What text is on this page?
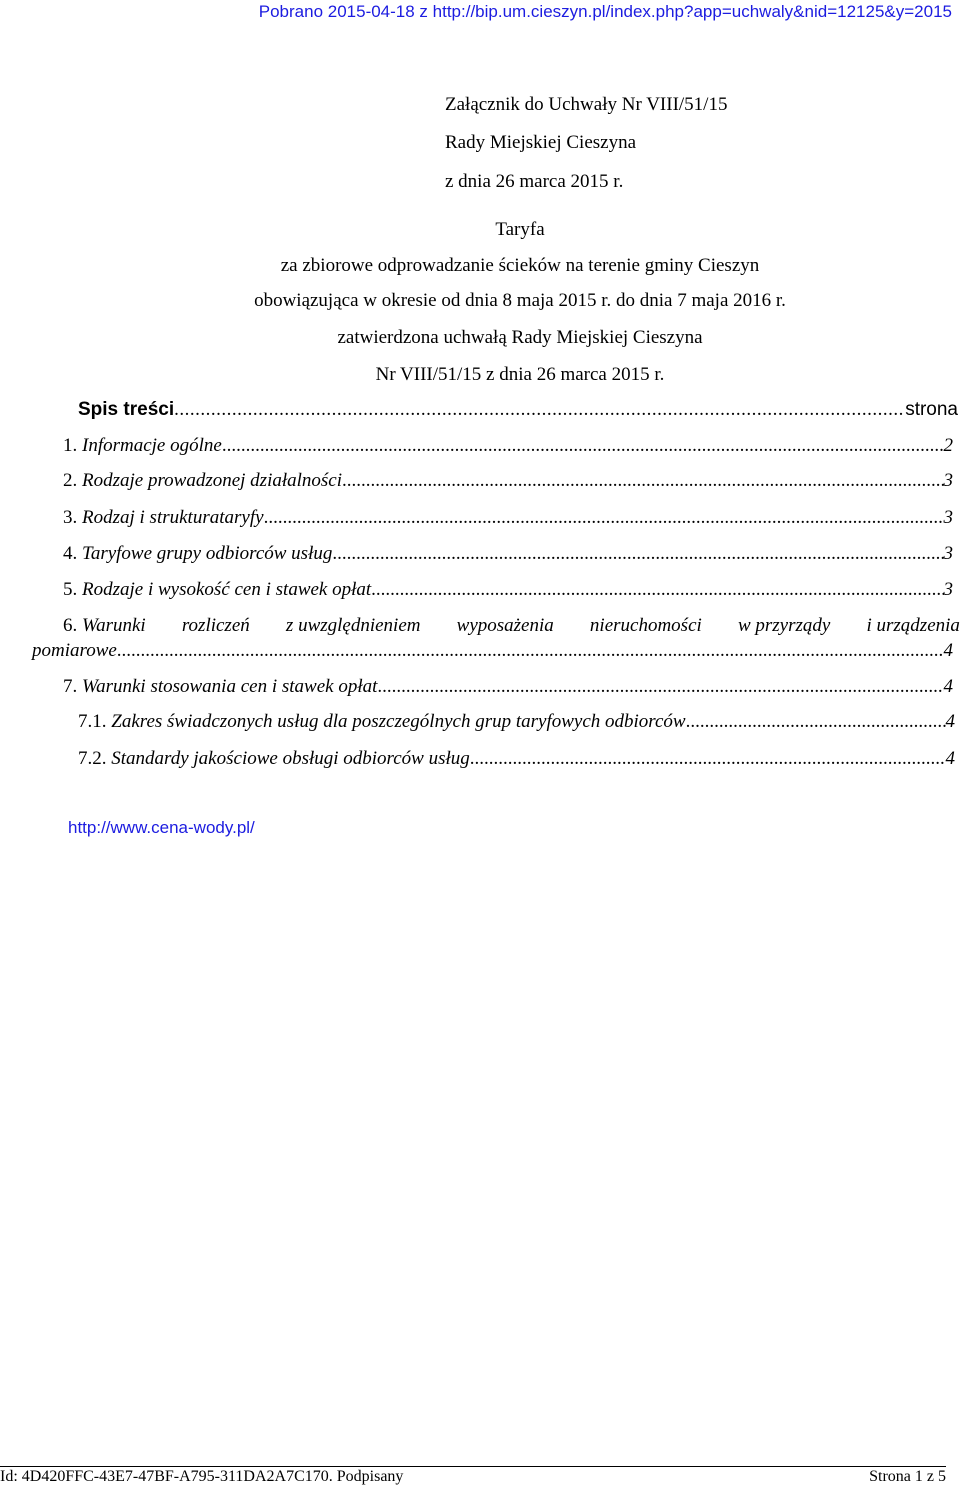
Pobrano 2015-04-18 z http://bip.um.cieszyn.pl/index.php?app=uchwaly&nid=12125&y=2015
Załącznik do Uchwały Nr VIII/51/15
Rady Miejskiej Cieszyna
z dnia 26 marca 2015 r.
Taryfa
za zbiorowe odprowadzanie ścieków na terenie gminy Cieszyn
obowiązująca w okresie od dnia 8 maja 2015 r. do dnia 7 maja 2016 r.
zatwierdzona uchwałą Rady Miejskiej Cieszyna
Nr VIII/51/15 z dnia 26 marca 2015 r.
Spis treści .....	strona
1.
Informacje ogólne .....	2
2.
Rodzaje prowadzonej działalności .....	3
3.
Rodzaj i strukturataryfy .....	3
4.
Taryfowe grupy odbiorców usług .....	3
5.
Rodzaje i wysokość cen i stawek opłat .....	3
6. Warunki rozliczeń z uwzględnieniem wyposażenia nieruchomości w przyrządy i urządzenia
pomiarowe .....	4
7.
Warunki stosowania cen i stawek opłat .....	4
7.1.
Zakres świadczonych usług dla poszczególnych grup taryfowych odbiorców .....	4
7.2.
Standardy jakościowe obsługi odbiorców usług .....	4
http://www.cena-wody.pl/
Id: 4D420FFC-43E7-47BF-A795-311DA2A7C170. Podpisany	Strona 1 z 5
